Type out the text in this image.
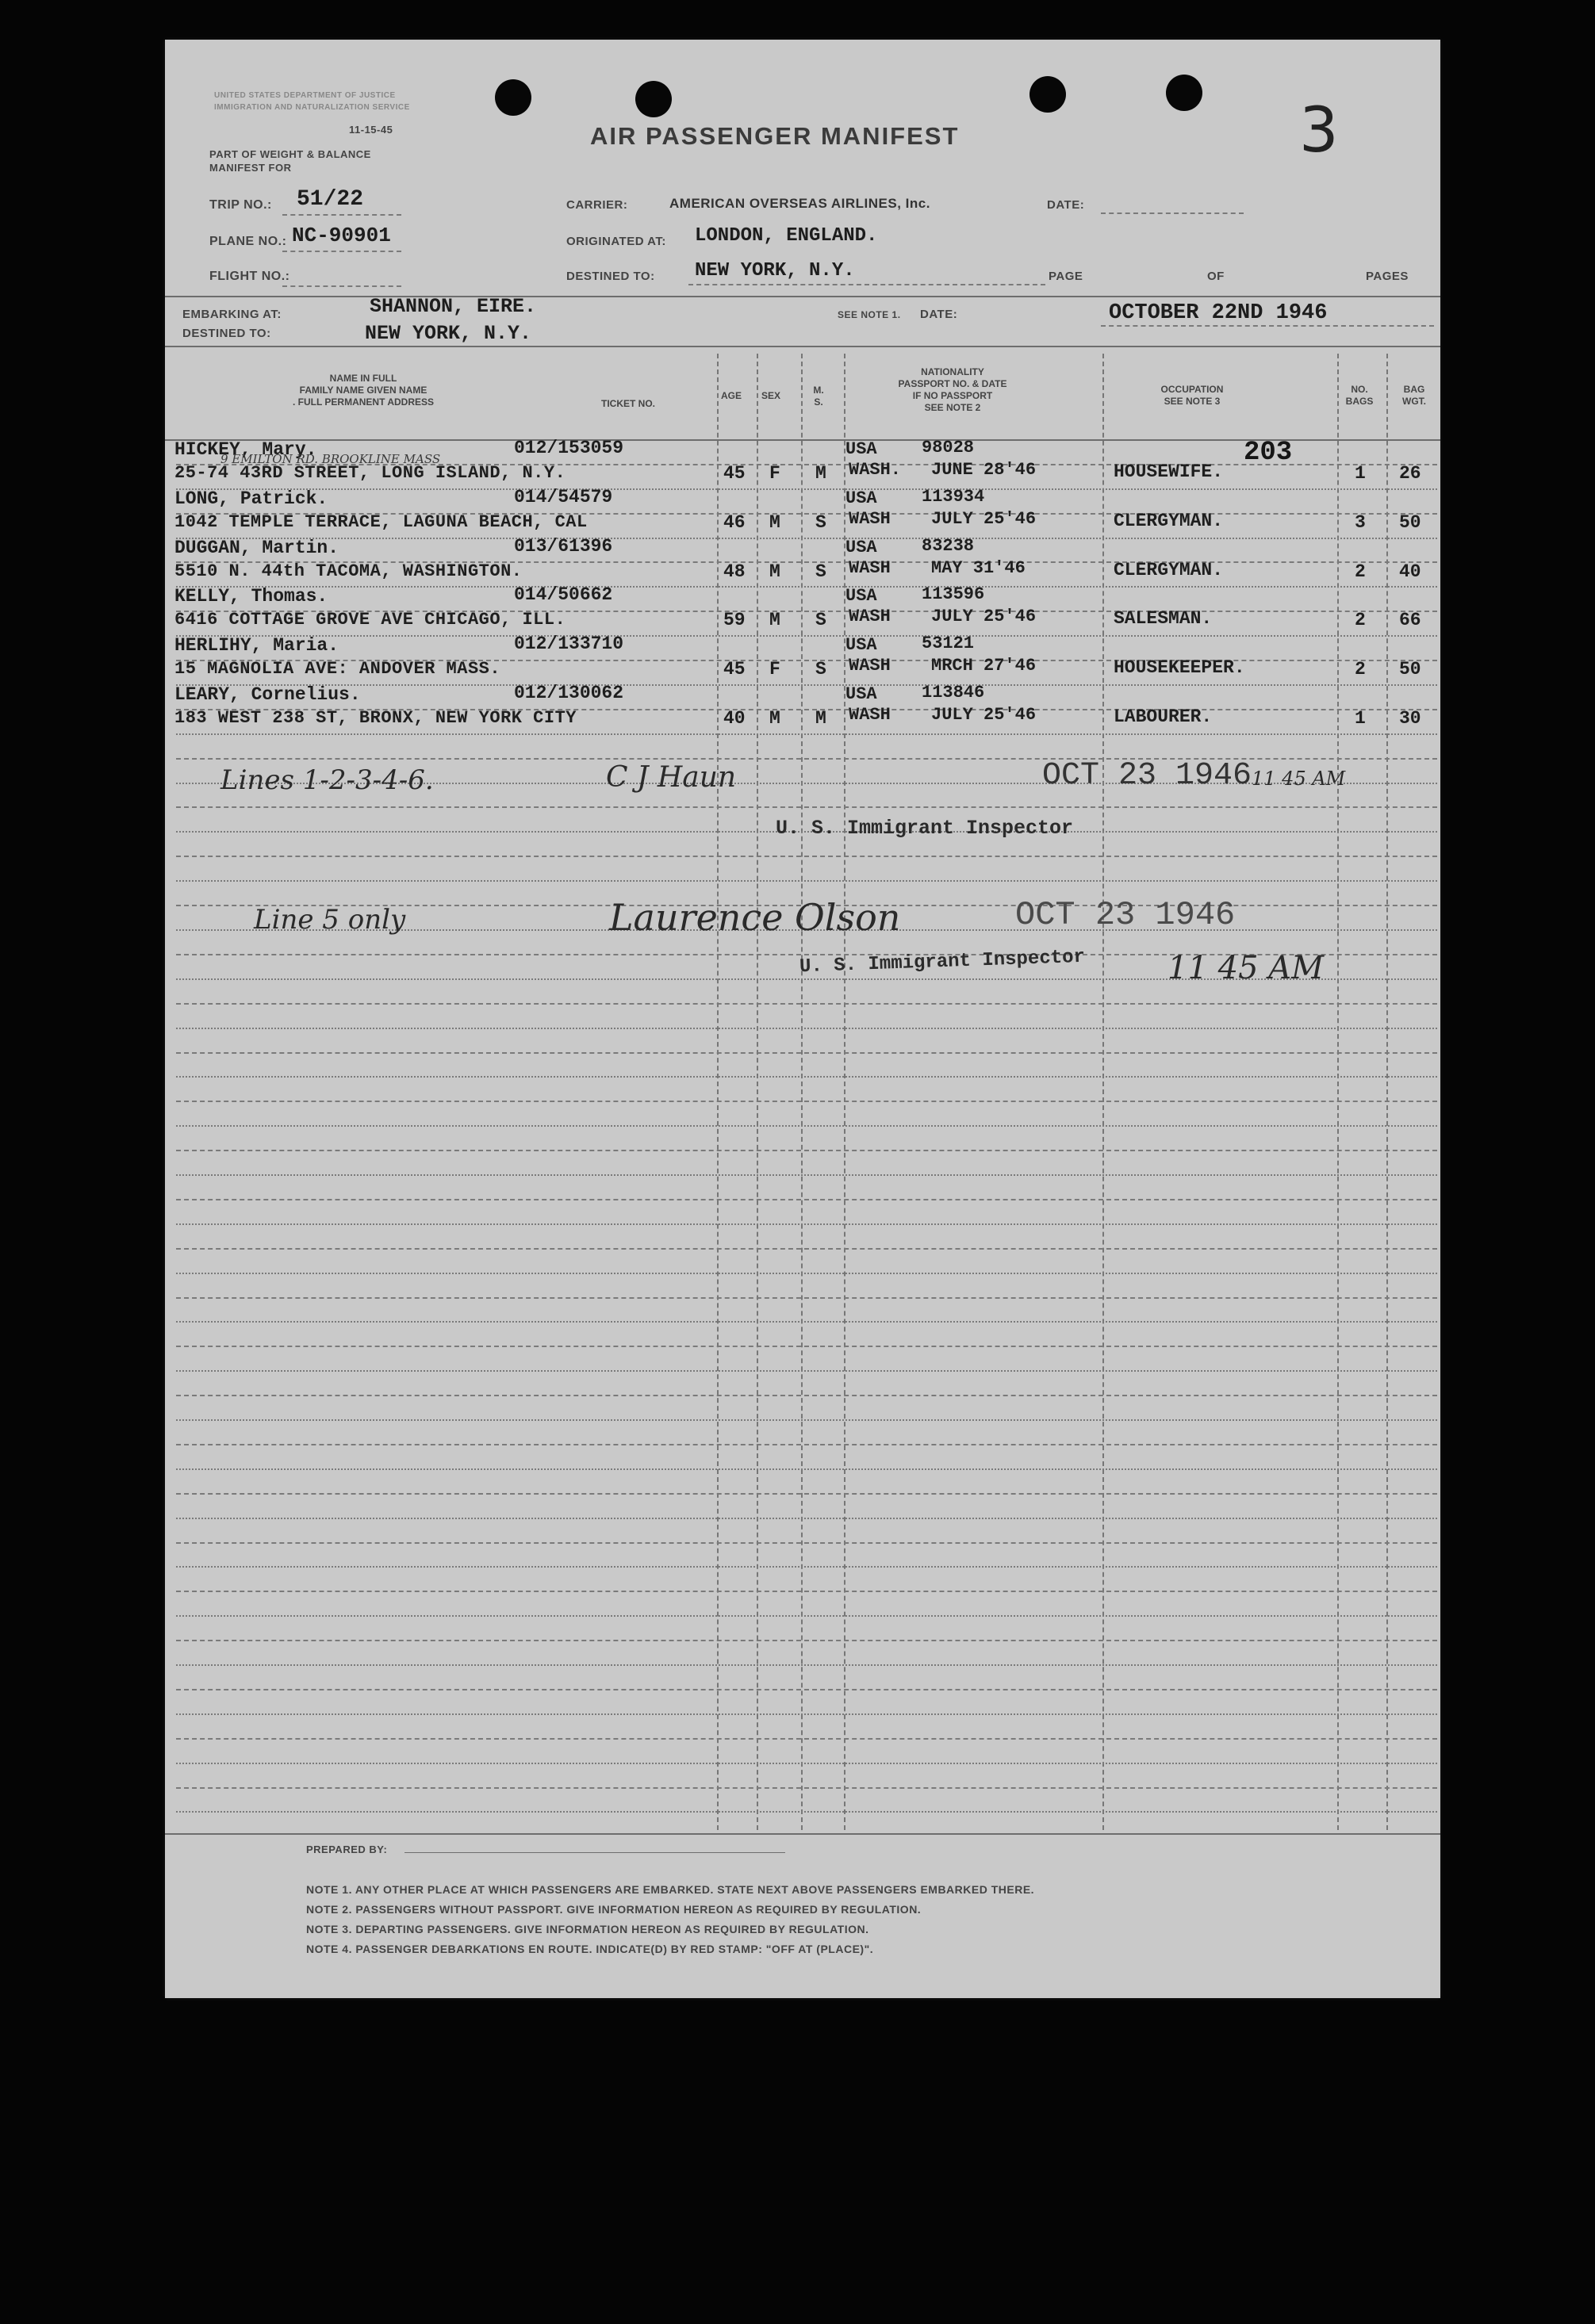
UNITED STATES DEPARTMENT OF JUSTICE
IMMIGRATION AND NATURALIZATION SERVICE
11-15-45
PART OF WEIGHT & BALANCE
MANIFEST FOR
AIR PASSENGER MANIFEST	3
TRIP NO.: 51/22
PLANE NO.: NC-90901
FLIGHT NO.:
CARRIER:	AMERICAN OVERSEAS AIRLINES, Inc.	DATE:
ORIGINATED AT: LONDON, ENGLAND.
DESTINED TO: NEW YORK, N.Y.	PAGE	OF	PAGES
EMBARKING AT:	SHANNON, EIRE.
DESTINED TO:	NEW YORK, N.Y.
SEE NOTE 1. DATE:	OCTOBER 22ND 1946
NAME IN FULL
FAMILY NAME GIVEN NAME
. FULL PERMANENT ADDRESS	TICKET NO.
AGE	SEX	M.
S.
NATIONALITY
PASSPORT NO. & DATE
IF NO PASSPORT
SEE NOTE 2
OCCUPATION
SEE NOTE 3
NO.
BAGS
BAG
WGT.
HICKEY, Mary.	012/153059
25-74 43RD STREET, LONG ISLAND, N.Y.
9 EMILTON RD. BROOKLINE MASS
45 F M
USA	98028
WASH. JUNE 28'46	HOUSEWIFE.	1 26
LONG, Patrick.	014/54579
1042 TEMPLE TERRACE, LAGUNA BEACH, CAL	46 M S
USA	113934
WASH JULY 25'46	CLERGYMAN.	3 50
DUGGAN, Martin.	013/61396
5510 N. 44th TACOMA, WASHINGTON.	48 M S
USA	83238
WASH MAY 31'46	CLERGYMAN.	2 40
KELLY, Thomas.	014/50662
6416 COTTAGE GROVE AVE CHICAGO, ILL.	59 M S
USA	113596
WASH JULY 25'46	SALESMAN.	2 66
HERLIHY, Maria.	012/133710
15 MAGNOLIA AVE: ANDOVER MASS.	45 F S
USA	53121
WASH MRCH 27'46	HOUSEKEEPER.	2 50
LEARY, Cornelius.	012/130062
183 WEST 238 ST, BRONX, NEW YORK CITY	40 M M
USA	113846
WASH JULY 25'46	LABOURER.	1 30
203
Lines 1-2-3-4-6.	C J Haun	OCT 23 1946 11 45 AM
U. S. Immigrant Inspector
Line 5 only	Laurence Olson	OCT 23 1946
U. S. Immigrant Inspector	11 45 AM
PREPARED BY:
NOTE 1. ANY OTHER PLACE AT WHICH PASSENGERS ARE EMBARKED. STATE NEXT ABOVE PASSENGERS EMBARKED THERE.
NOTE 2. PASSENGERS WITHOUT PASSPORT. GIVE INFORMATION HEREON AS REQUIRED BY REGULATION.
NOTE 3. DEPARTING PASSENGERS. GIVE INFORMATION HEREON AS REQUIRED BY REGULATION.
NOTE 4. PASSENGER DEBARKATIONS EN ROUTE. INDICATE(D) BY RED STAMP: "OFF AT (PLACE)".
